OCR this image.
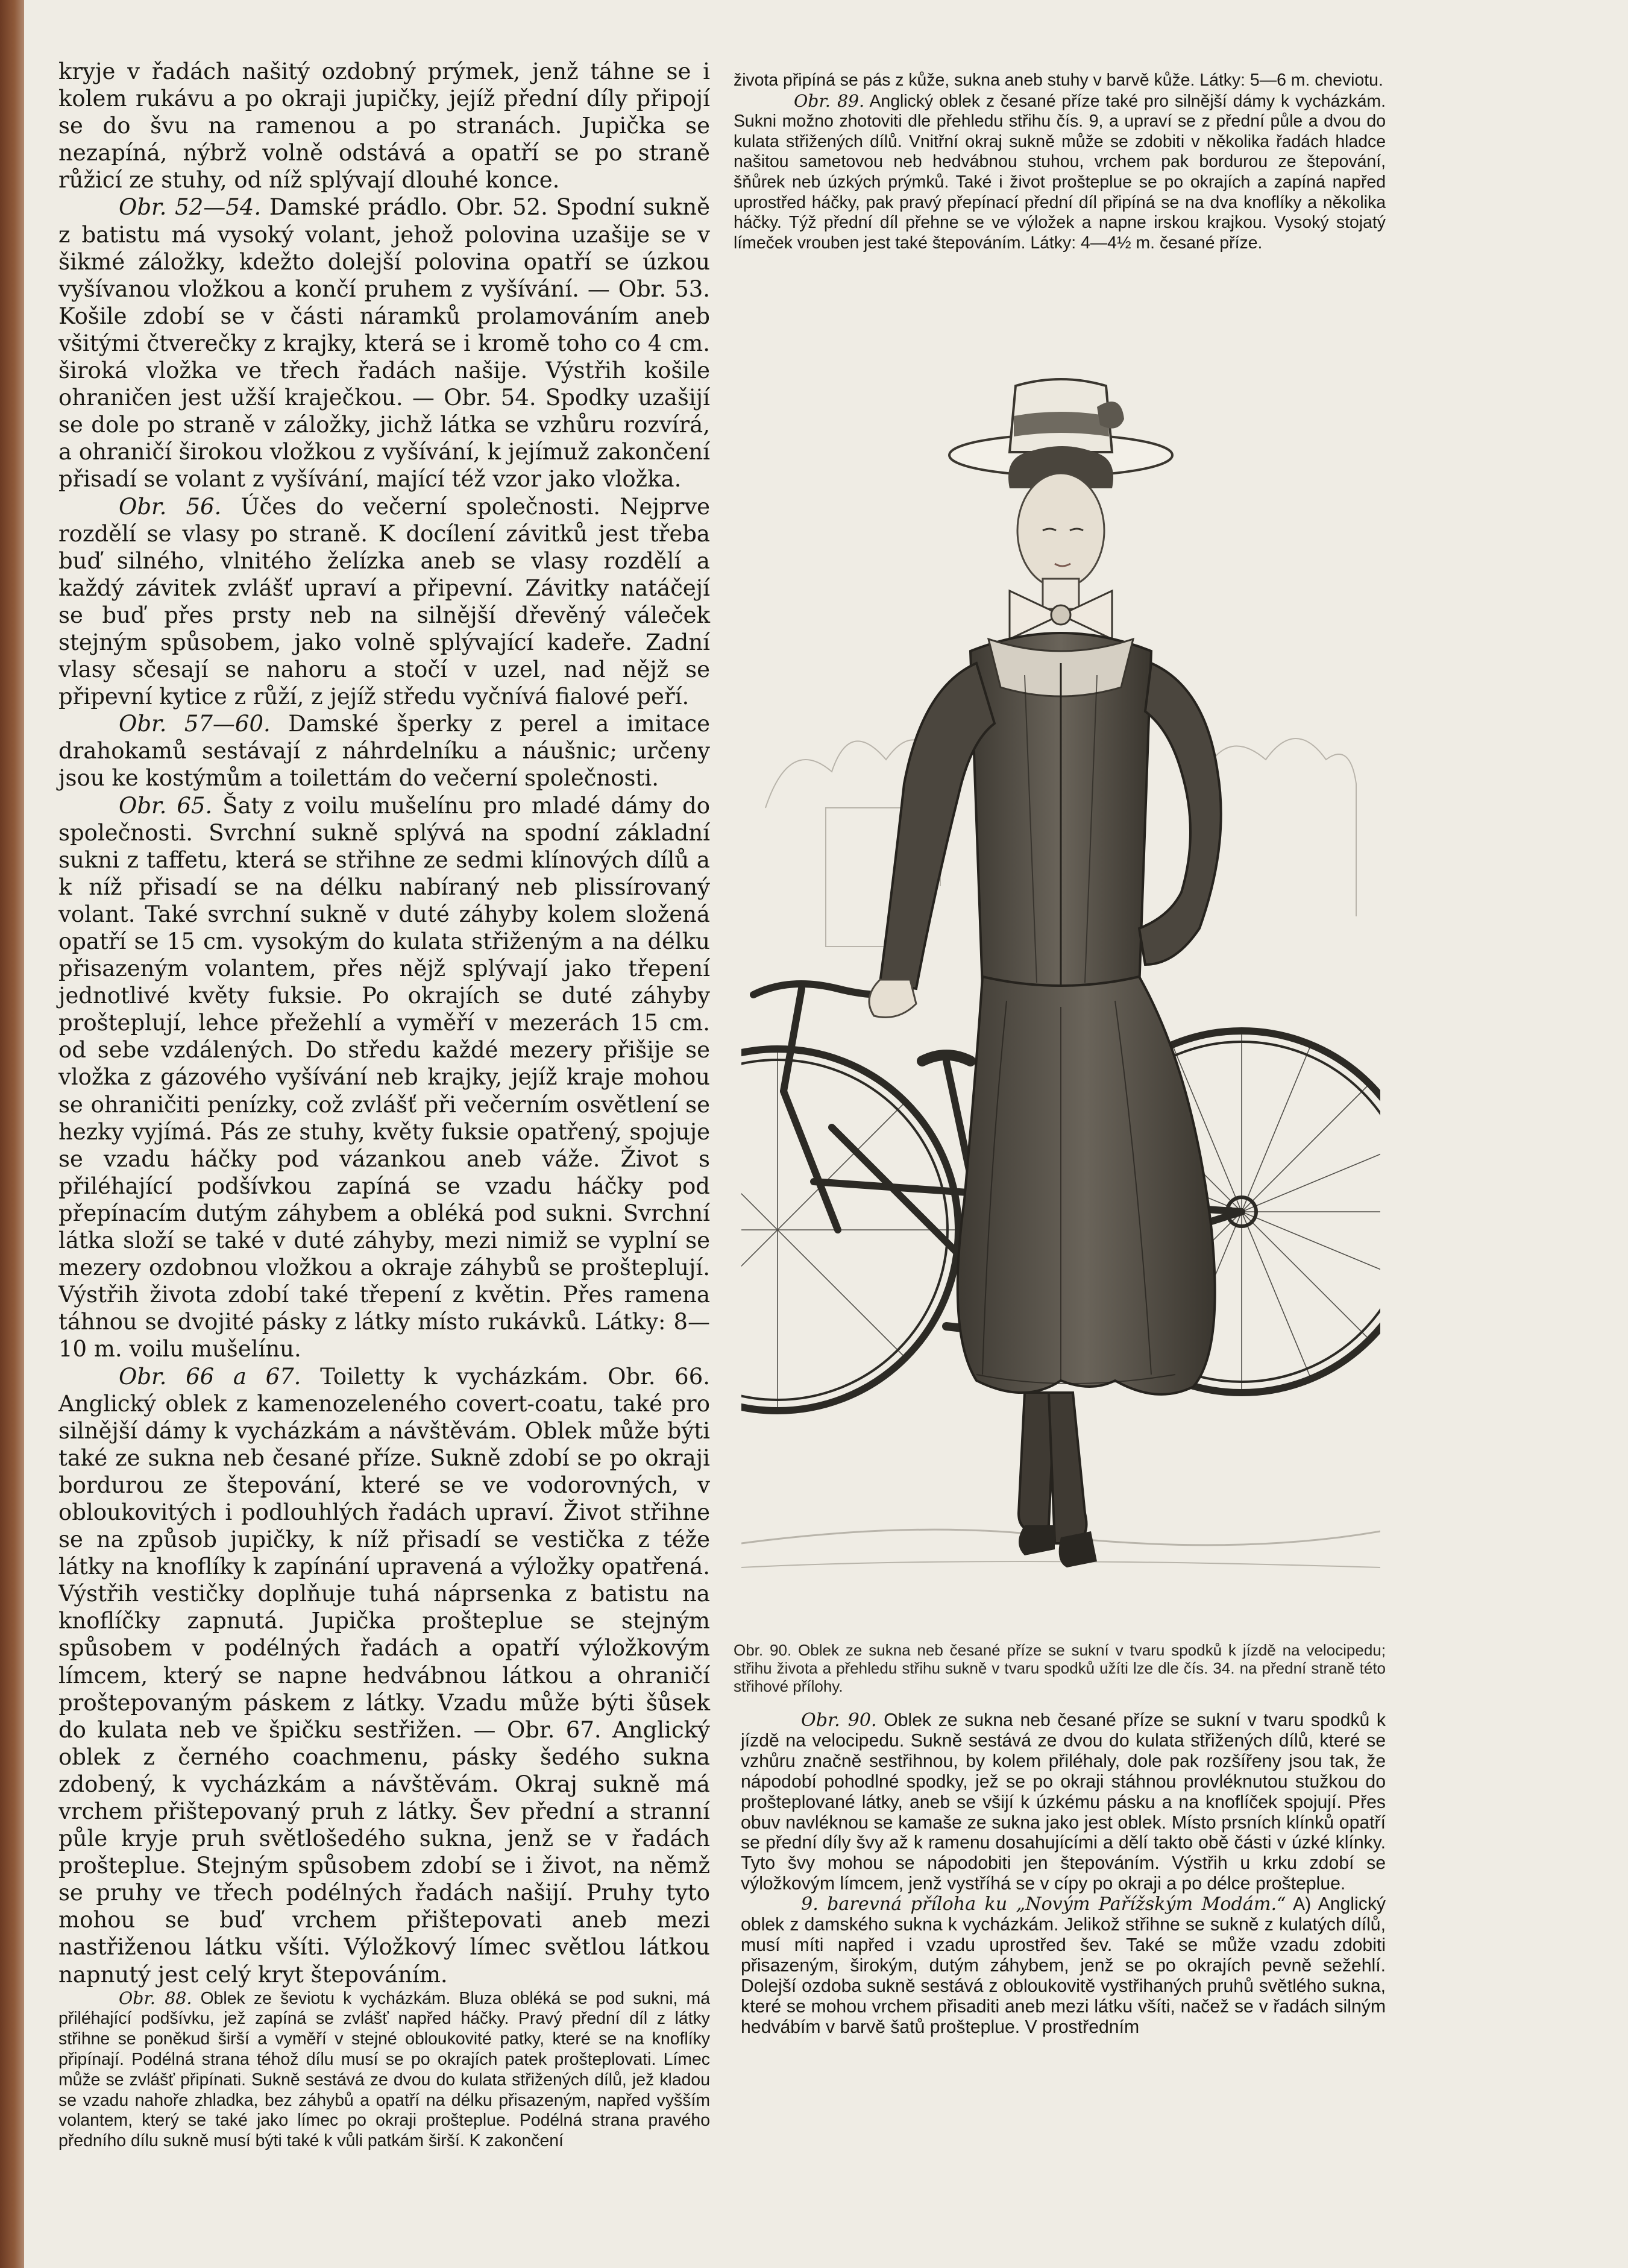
kryje v řadách našitý ozdobný prýmek, jenž táhne se i kolem rukávu a po okraji jupičky, jejíž přední díly připojí se do švu na ramenou a po stranách. Jupička se nezapíná, nýbrž volně odstává a opatří se po straně růžicí ze stuhy, od níž splývají dlouhé konce.

Obr. 52—54. Damské prádlo. Obr. 52. Spodní sukně z batistu má vysoký volant, jehož polovina uzašije se v šikmé záložky, kdežto dolejší polovina opatří se úzkou vyšívanou vložkou a končí pruhem z vyšívání. — Obr. 53. Košile zdobí se v části náramků prolamováním aneb všitými čtverečky z krajky, která se i kromě toho co 4 cm. široká vložka ve třech řadách našije. Výstřih košile ohraničen jest užší kraječkou. — Obr. 54. Spodky uzašijí se dole po straně v záložky, jichž látka se vzhůru rozvírá, a ohraničí širokou vložkou z vyšívání, k jejímuž zakončení přisadí se volant z vyšívání, mající též vzor jako vložka.

Obr. 56. Účes do večerní společnosti. Nejprve rozdělí se vlasy po straně. K docílení závitků jest třeba buď silného, vlnitého želízka aneb se vlasy rozdělí a každý závitek zvlášť upraví a připevní. Závitky natáčejí se buď přes prsty neb na silnější dřevěný váleček stejným spůsobem, jako volně splývající kadeře. Zadní vlasy sčesají se nahoru a stočí v uzel, nad nějž se připevní kytice z růží, z jejíž středu vyčnívá fialové peří.

Obr. 57—60. Damské šperky z perel a imitace drahokamů sestávají z náhrdelníku a náušnic; určeny jsou ke kostýmům a toilettám do večerní společnosti.

Obr. 65. Šaty z voilu mušelínu pro mladé dámy do společnosti. Svrchní sukně splývá na spodní základní sukni z taffetu, která se střihne ze sedmi klínových dílů a k níž přisadí se na délku nabíraný neb plissírovaný volant. Také svrchní sukně v duté záhyby kolem složená opatří se 15 cm. vysokým do kulata střiženým a na délku přisazeným volantem, přes nějž splývají jako třepení jednotlivé květy fuksie. Po okrajích se duté záhyby prošteplují, lehce přežehlí a vyměří v mezerách 15 cm. od sebe vzdálených. Do středu každé mezery přišije se vložka z gázového vyšívání neb krajky, jejíž kraje mohou se ohraničiti penízky, což zvlášť při večerním osvětlení se hezky vyjímá. Pás ze stuhy, květy fuksie opatřený, spojuje se vzadu háčky pod vázankou aneb váže. Život s přiléhající podšívkou zapíná se vzadu háčky pod přepínacím dutým záhybem a obléká pod sukni. Svrchní látka složí se také v duté záhyby, mezi nimiž se vyplní se mezery ozdobnou vložkou a okraje záhybů se prošteplují. Výstřih života zdobí také třepení z květin. Přes ramena táhnou se dvojité pásky z látky místo rukávků. Látky: 8—10 m. voilu mušelínu.

Obr. 66 a 67. Toiletty k vycházkám. Obr. 66. Anglický oblek z kamenozeleného covert-coatu, také pro silnější dámy k vycházkám a návštěvám. Oblek může býti také ze sukna neb česané příze. Sukně zdobí se po okraji bordurou ze štepování, které se ve vodorovných, v obloukovitých i podlouhlých řadách upraví. Život střihne se na způsob jupičky, k níž přisadí se vestička z téže látky na knoflíky k zapínání upravená a výložky opatřená. Výstřih vestičky doplňuje tuhá náprsenka z batistu na knoflíčky zapnutá. Jupička prošteplue se stejným spůsobem v podélných řadách a opatří výložkovým límcem, který se napne hedvábnou látkou a ohraničí proštepovaným páskem z látky. Vzadu může býti šůsek do kulata neb ve špičku sestřižen. — Obr. 67. Anglický oblek z černého coachmenu, pásky šedého sukna zdobený, k vycházkám a návštěvám. Okraj sukně má vrchem přištepovaný pruh z látky. Šev přední a stranní půle kryje pruh světlošedého sukna, jenž se v řadách prošteplue. Stejným spůsobem zdobí se i život, na němž se pruhy ve třech podélných řadách našijí. Pruhy tyto mohou se buď vrchem přištepovati aneb mezi nastřiženou látku všíti. Výložkový límec světlou látkou napnutý jest celý kryt štepováním.

Obr. 88. Oblek ze ševiotu k vycházkám. Bluza obléká se pod sukni, má přiléhající podšívku, jež zapíná se zvlášť napřed háčky. Pravý přední díl z látky střihne se poněkud širší a vyměří v stejné obloukovité patky, které se na knoflíky připínají. Podélná strana téhož dílu musí se po okrajích patek prošteplovati. Límec může se zvlášť připínati. Sukně sestává ze dvou do kulata střižených dílů, jež kladou se vzadu nahoře zhladka, bez záhybů a opatří na délku přisazeným, napřed vyšším volantem, který se také jako límec po okraji prošteplue. Podélná strana pravého předního dílu sukně musí býti také k vůli patkám širší. K zakončení

života připíná se pás z kůže, sukna aneb stuhy v barvě kůže. Látky: 5—6 m. cheviotu.

Obr. 89. Anglický oblek z česané příze také pro silnější dámy k vycházkám. Sukni možno zhotoviti dle přehledu střihu čís. 9, a upraví se z přední půle a dvou do kulata střižených dílů. Vnitřní okraj sukně může se zdobiti v několika řadách hladce našitou sametovou neb hedvábnou stuhou, vrchem pak bordurou ze štepování, šňůrek neb úzkých prýmků. Také i život prošteplue se po okrajích a zapíná napřed uprostřed háčky, pak pravý přepínací přední díl připíná se na dva knoflíky a několika háčky. Týž přední díl přehne se ve výložek a napne irskou krajkou. Vysoký stojatý límeček vrouben jest také štepováním. Látky: 4—4½ m. česané příze.

Obr. 90. Oblek ze sukna neb česané příze se sukní v tvaru spodků k jízdě na velocipedu; střihu života a přehledu střihu sukně v tvaru spodků užíti lze dle čís. 34. na přední straně této střihové přílohy.

Obr. 90. Oblek ze sukna neb česané příze se sukní v tvaru spodků k jízdě na velocipedu. Sukně sestává ze dvou do kulata střižených dílů, které se vzhůru značně sestřihnou, by kolem přiléhaly, dole pak rozšířeny jsou tak, že nápodobí pohodlné spodky, jež se po okraji stáhnou provléknutou stužkou do prošteplované látky, aneb se všijí k úzkému pásku a na knoflíček spojují. Přes obuv navléknou se kamaše ze sukna jako jest oblek. Místo prsních klínků opatří se přední díly švy až k ramenu dosahujícími a dělí takto obě části v úzké klínky. Tyto švy mohou se nápodobiti jen štepováním. Výstřih u krku zdobí se výložkovým límcem, jenž vystříhá se v cípy po okraji a po délce prošteplue.

9. barevná příloha ku „Novým Pařížským Modám.“ A) Anglický oblek z damského sukna k vycházkám. Jelikož střihne se sukně z kulatých dílů, musí míti napřed i vzadu uprostřed šev. Také se může vzadu zdobiti přisazeným, širokým, dutým záhybem, jenž se po okrajích pevně sežehlí. Dolejší ozdoba sukně sestává z obloukovitě vystřihaných pruhů světlého sukna, které se mohou vrchem přisaditi aneb mezi látku všíti, načež se v řadách silným hedvábím v barvě šatů prošteplue. V prostředním
